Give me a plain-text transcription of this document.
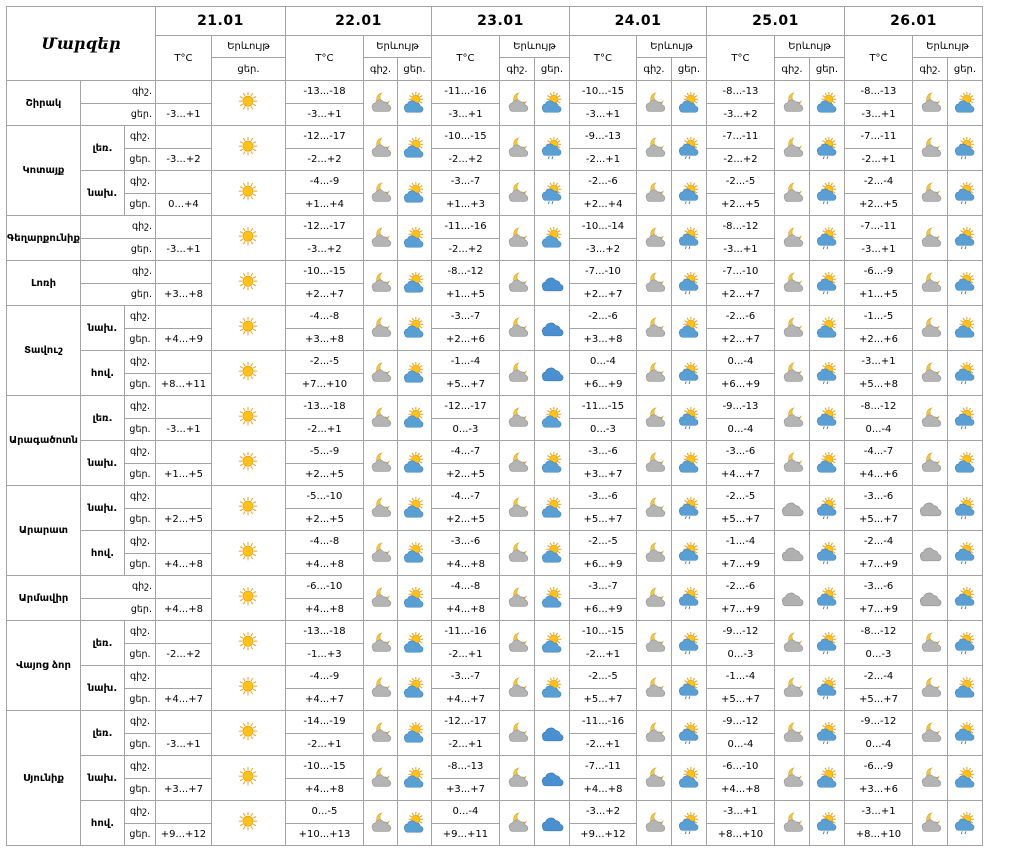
Մարզեր			21.01		22.01			23.01			24.01			25.01			26.01		
			T°C	Երևույթ	T°C	Երևույթ		T°C	Երևույթ		T°C	Երևույթ		T°C	Երևույթ		T°C	Երևույթ	
				ցեր.		գիշ.	ցեր.		գիշ.	ցեր.		գիշ.	ցեր.		գիշ.	ցեր.		գիշ.	ցեր.
Շիրակ	գիշ.				-13...-18			-11...-16			-10...-15			-8...-13			-8...-13	

	ցեր.		-3...+1		-3...+1			-3...+1			-3...+1			-3...+2			-3...+1		
Կոտայք	լեռ.	գիշ.			-12...-17			-10...-15			-9...-13			-7...-11			-7...-11	

		ցեր.	-3...+2		-2...+2			-2...+2			-2...+1			-2...+2			-2...+1		
	նախ.	գիշ.			-4...-9			-3...-7			-2...-6			-2...-5			-2...-4	

		ցեր.	0...+4		+1...+4			+1...+3			+2...+4			+2...+5			+2...+5		
Գեղարքունիք	գիշ.				-12...-17			-11...-16			-10...-14			-8...-12			-7...-11	

	ցեր.		-3...+1		-3...+2			-2...+2			-3...+2			-3...+1			-3...+1		
Լոռի	գիշ.				-10...-15			-8...-12			-7...-10			-7...-10			-6...-9	

	ցեր.		+3...+8		+2...+7			+1...+5			+2...+7			+2...+7			+1...+5		
Տավուշ	նախ.	գիշ.			-4...-8			-3...-7			-2...-6			-2...-6			-1...-5	

		ցեր.	+4...+9		+3...+8			+2...+6			+3...+8			+2...+7			+2...+6		
	հով.	գիշ.			-2...-5			-1...-4			0...-4			0...-4			-3...+1	

		ցեր.	+8...+11		+7...+10			+5...+7			+6...+9			+6...+9			+5...+8		
Արագածոտն	լեռ.	գիշ.			-13...-18			-12...-17			-11...-15			-9...-13			-8...-12	

		ցեր.	-3...+1		-2...+1			0...-3			0...-3			0...-4			0...-4		
	նախ.	գիշ.			-5...-9			-4...-7			-3...-6			-3...-6			-4...-7	

		ցեր.	+1...+5		+2...+5			+2...+5			+3...+7			+4...+7			+4...+6		
Արարատ	նախ.	գիշ.			-5...-10			-4...-7			-3...-6			-2...-5			-3...-6	

		ցեր.	+2...+5		+2...+5			+2...+5			+5...+7			+5...+7			+5...+7		
	հով.	գիշ.			-4...-8			-3...-6			-2...-5			-1...-4			-2...-4	

		ցեր.	+4...+8		+4...+8			+4...+8			+6...+9			+7...+9			+7...+9		
Արմավիր	գիշ.				-6...-10			-4...-8			-3...-7			-2...-6			-3...-6	

	ցեր.		+4...+8		+4...+8			+4...+8			+6...+9			+7...+9			+7...+9		
Վայոց ձոր	լեռ.	գիշ.			-13...-18			-11...-16			-10...-15			-9...-12			-8...-12	

		ցեր.	-2...+2		-1...+3			-2...+1			-2...+1			0...-3			0...-3		
	նախ.	գիշ.			-4...-9			-3...-7			-2...-5			-1...-4			-2...-4	

		ցեր.	+4...+7		+4...+7			+4...+7			+5...+7			+5...+7			+5...+7		
Սյունիք	լեռ.	գիշ.			-14...-19			-12...-17			-11...-16			-9...-12			-9...-12	

		ցեր.	-3...+1		-2...+1			-2...+1			-2...+1			0...-4			0...-4		
	նախ.	գիշ.			-10...-15			-8...-13			-7...-11			-6...-10			-6...-9	

		ցեր.	+3...+7		+4...+8			+3...+7			+4...+8			+4...+8			+3...+6		
	հով.	գիշ.			0...-5			0...-4			-3...+2			-3...+1			-3...+1	

		ցեր.	+9...+12		+10...+13			+9...+11			+9...+12			+8...+10			+8...+10		
